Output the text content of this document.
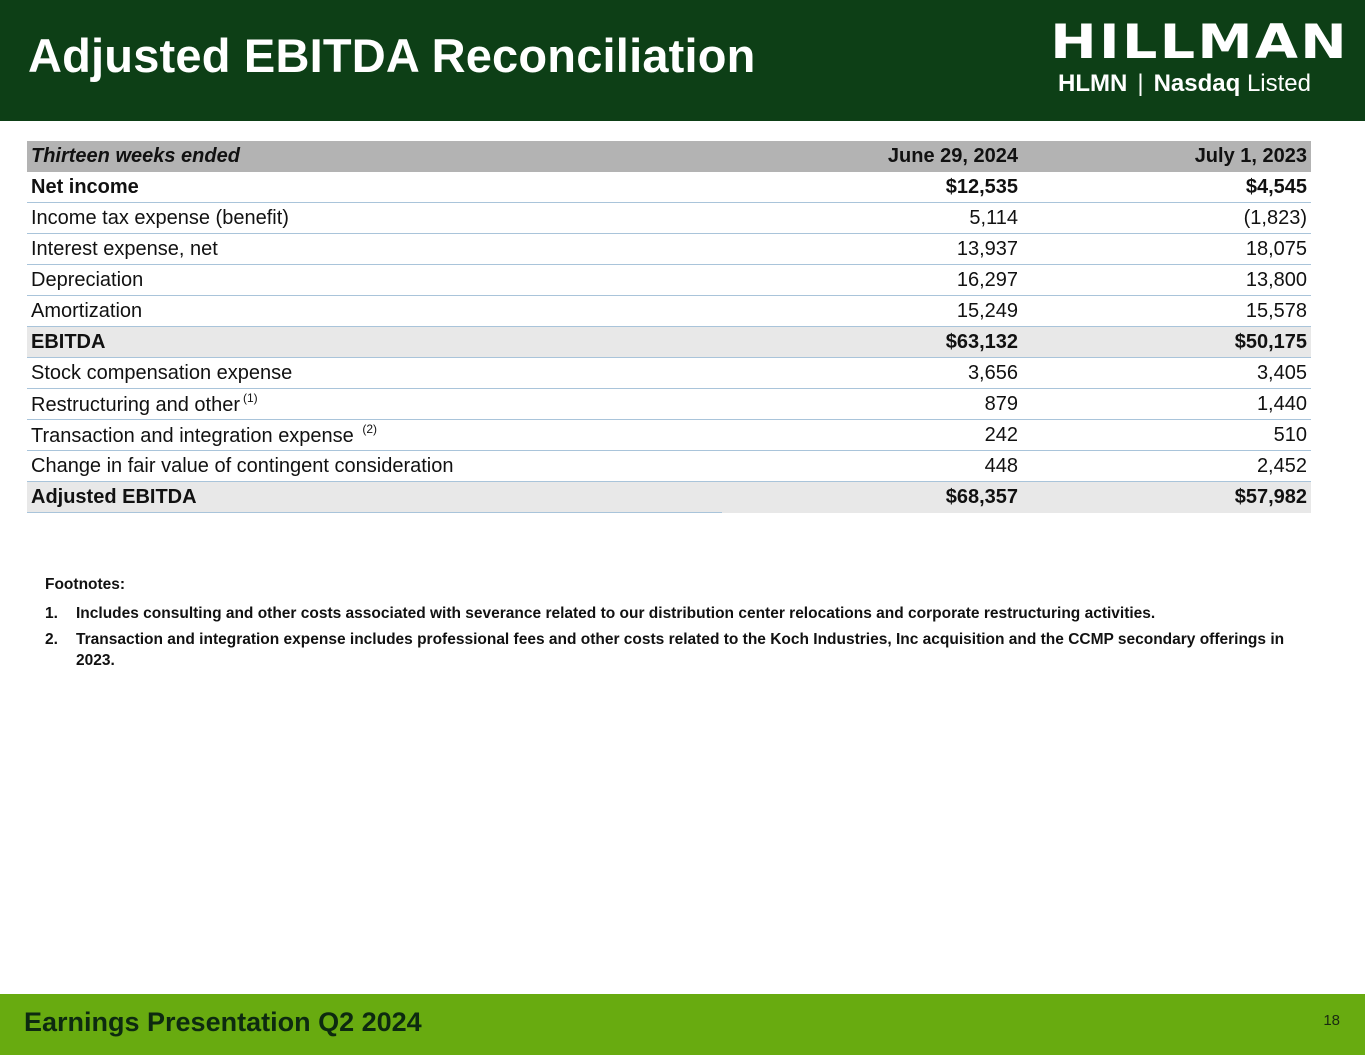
Adjusted EBITDA Reconciliation	HILLMAN
HLMN | Nasdaq Listed
Thirteen weeks ended	June 29, 2024	July 1, 2023
Net income	$12,535	$4,545
Income tax expense (benefit)	5,114	(1,823)
Interest expense, net	13,937	18,075
Depreciation	16,297	13,800
Amortization	15,249	15,578
EBITDA	$63,132	$50,175
Stock compensation expense	3,656	3,405
Restructuring and other $^{(1)}$	879	1,440
Transaction and integration expense $^{(2)}$	242	510
Change in fair value of contingent consideration	448	2,452
Adjusted EBITDA	$68,357	$57,982
Footnotes:
1. Includes consulting and other costs associated with severance related to our distribution center relocations and corporate restructuring activities.
2. Transaction and integration expense includes professional fees and other costs related to the Koch Industries, Inc acquisition and the CCMP secondary offerings in 2023.
Earnings Presentation Q2 2024	18
